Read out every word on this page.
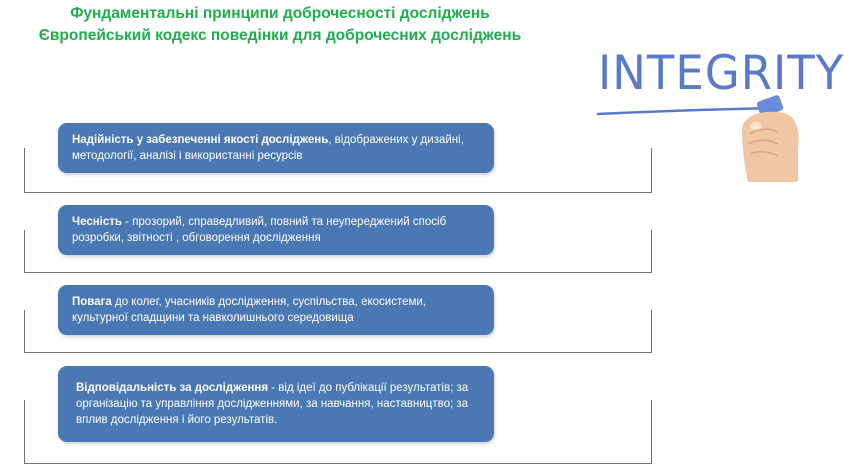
Фундаментальні принципи доброчесності досліджень
Європейський кодекс поведінки для доброчесних досліджень
INTEGRITY
Надійність у забезпеченні якості досліджень, відображених у дизайні, методології, аналізі і використанні ресурсів
Чесність - прозорий, справедливий, повний та неупереджений спосіб розробки, звітності , обговорення дослідження
Повага до колег, учасників дослідження, суспільства, екосистеми, культурної спадщини та навколишнього середовища
Відповідальність за дослідження - від ідеї до публікації результатів; за організацію та управління дослідженнями, за навчання, наставництво; за вплив дослідження і його результатів.
